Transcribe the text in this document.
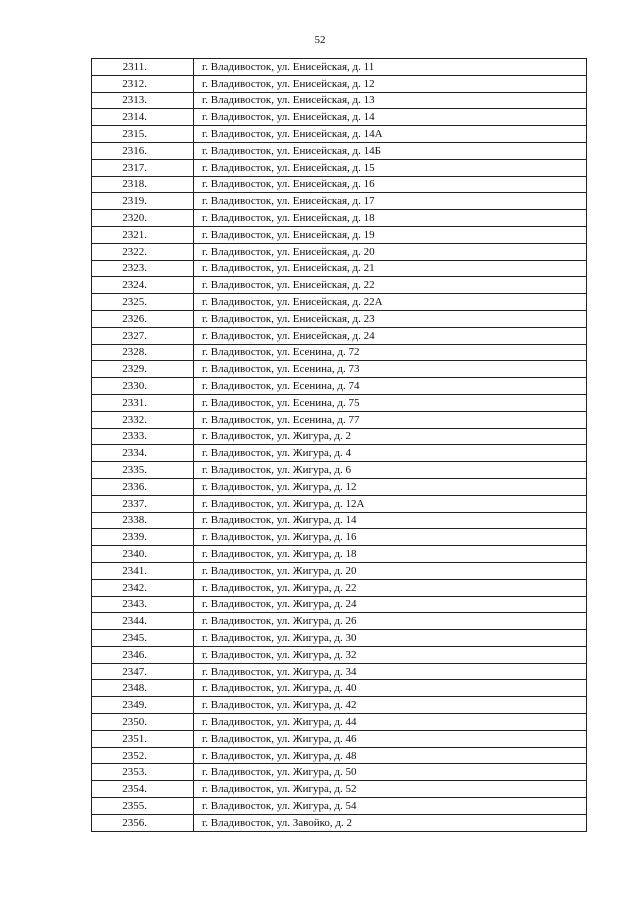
52
2311.	г. Владивосток, ул. Енисейская, д. 11
2312.	г. Владивосток, ул. Енисейская, д. 12
2313.	г. Владивосток, ул. Енисейская, д. 13
2314.	г. Владивосток, ул. Енисейская, д. 14
2315.	г. Владивосток, ул. Енисейская, д. 14А
2316.	г. Владивосток, ул. Енисейская, д. 14Б
2317.	г. Владивосток, ул. Енисейская, д. 15
2318.	г. Владивосток, ул. Енисейская, д. 16
2319.	г. Владивосток, ул. Енисейская, д. 17
2320.	г. Владивосток, ул. Енисейская, д. 18
2321.	г. Владивосток, ул. Енисейская, д. 19
2322.	г. Владивосток, ул. Енисейская, д. 20
2323.	г. Владивосток, ул. Енисейская, д. 21
2324.	г. Владивосток, ул. Енисейская, д. 22
2325.	г. Владивосток, ул. Енисейская, д. 22А
2326.	г. Владивосток, ул. Енисейская, д. 23
2327.	г. Владивосток, ул. Енисейская, д. 24
2328.	г. Владивосток, ул. Есенина, д. 72
2329.	г. Владивосток, ул. Есенина, д. 73
2330.	г. Владивосток, ул. Есенина, д. 74
2331.	г. Владивосток, ул. Есенина, д. 75
2332.	г. Владивосток, ул. Есенина, д. 77
2333.	г. Владивосток, ул. Жигура, д. 2
2334.	г. Владивосток, ул. Жигура, д. 4
2335.	г. Владивосток, ул. Жигура, д. 6
2336.	г. Владивосток, ул. Жигура, д. 12
2337.	г. Владивосток, ул. Жигура, д. 12А
2338.	г. Владивосток, ул. Жигура, д. 14
2339.	г. Владивосток, ул. Жигура, д. 16
2340.	г. Владивосток, ул. Жигура, д. 18
2341.	г. Владивосток, ул. Жигура, д. 20
2342.	г. Владивосток, ул. Жигура, д. 22
2343.	г. Владивосток, ул. Жигура, д. 24
2344.	г. Владивосток, ул. Жигура, д. 26
2345.	г. Владивосток, ул. Жигура, д. 30
2346.	г. Владивосток, ул. Жигура, д. 32
2347.	г. Владивосток, ул. Жигура, д. 34
2348.	г. Владивосток, ул. Жигура, д. 40
2349.	г. Владивосток, ул. Жигура, д. 42
2350.	г. Владивосток, ул. Жигура, д. 44
2351.	г. Владивосток, ул. Жигура, д. 46
2352.	г. Владивосток, ул. Жигура, д. 48
2353.	г. Владивосток, ул. Жигура, д. 50
2354.	г. Владивосток, ул. Жигура, д. 52
2355.	г. Владивосток, ул. Жигура, д. 54
2356.	г. Владивосток, ул. Завойко, д. 2
